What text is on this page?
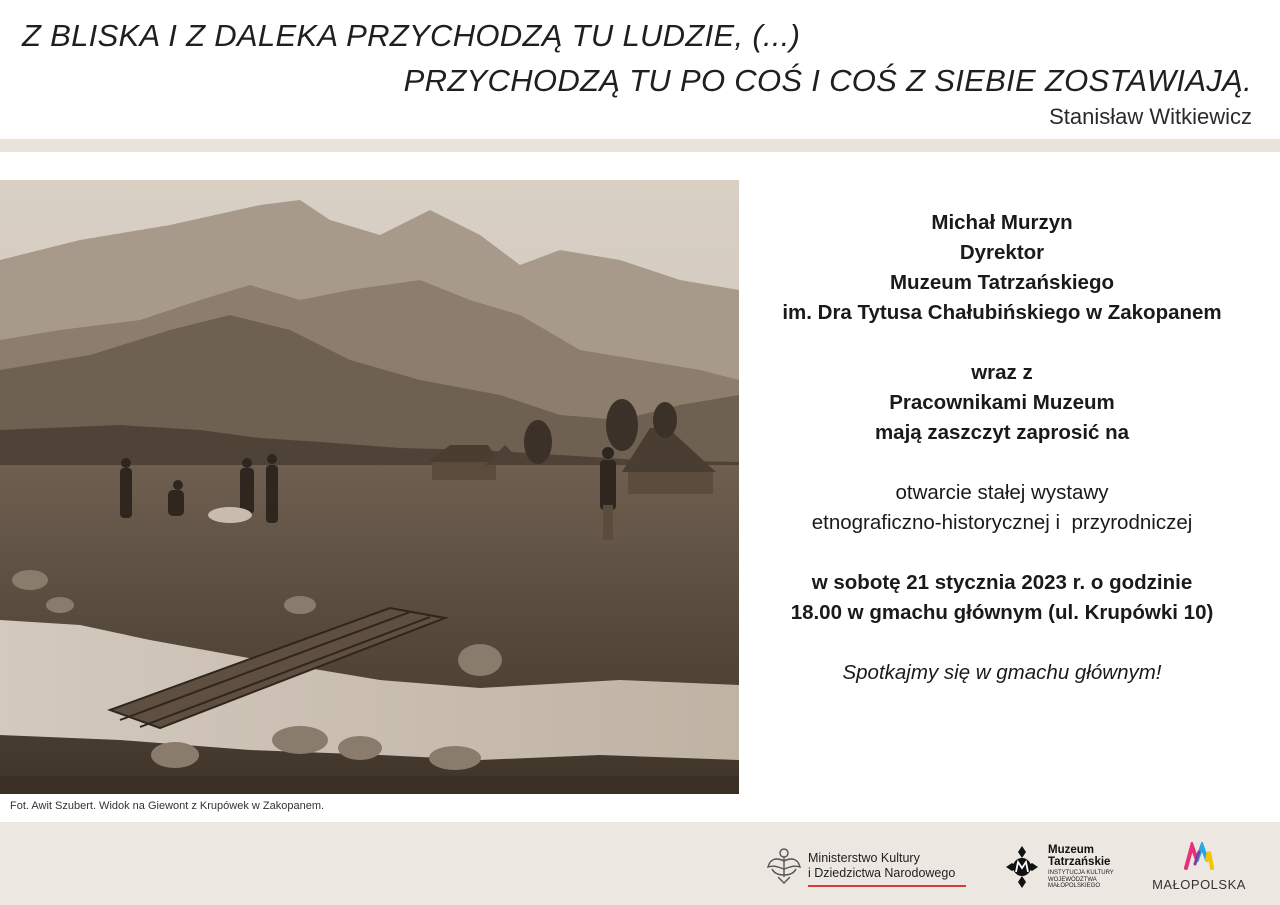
Z BLISKA I Z DALEKA PRZYCHODZĄ TU LUDZIE, (...)
PRZYCHODZĄ TU PO COŚ I COŚ Z SIEBIE ZOSTAWIAJĄ.
Stanisław Witkiewicz
Fot. Awit Szubert. Widok na Giewont z Krupówek w Zakopanem.
Michał Murzyn
Dyrektor
Muzeum Tatrzańskiego
im. Dra Tytusa Chałubińskiego w Zakopanem
wraz z
Pracownikami Muzeum
mają zaszczyt zaprosić na
otwarcie stałej wystawy
etnograficzno-historycznej i  przyrodniczej
w sobotę 21 stycznia 2023 r. o godzinie
18.00 w gmachu głównym (ul. Krupówki 10)
Spotkajmy się w gmachu głównym!
Ministerstwo Kultury
i Dziedzictwa Narodowego
Muzeum
Tatrzańskie
INSTYTUCJA KULTURY
WOJEWÓDZTWA
MAŁOPOLSKIEGO	MAŁOPOLSKA
